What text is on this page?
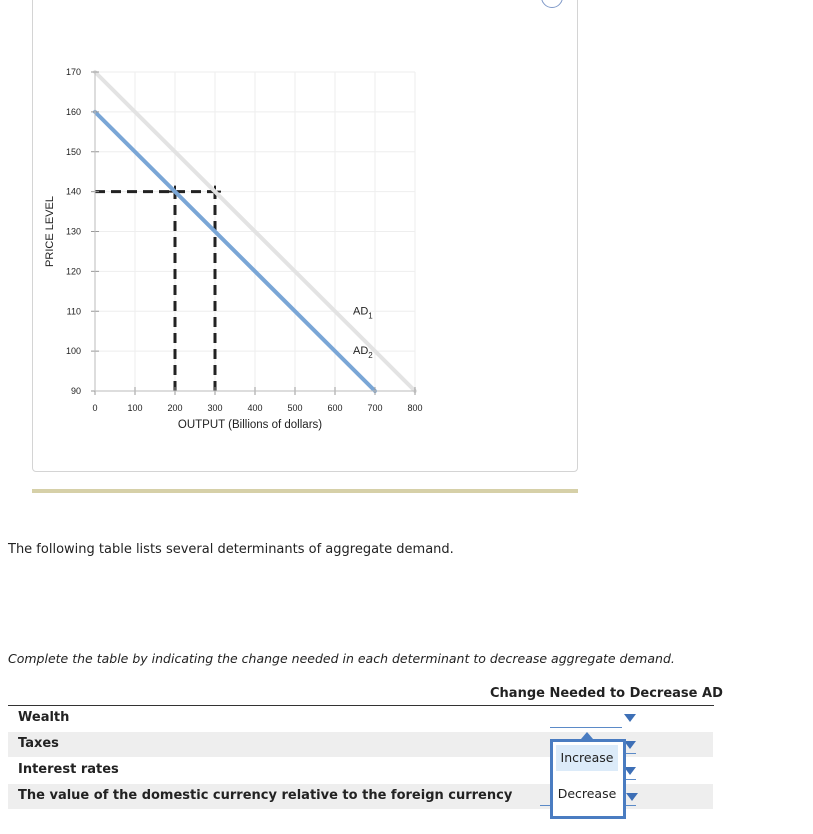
0	100	200	300	400	500	600	700	800
90
100
110
120
130
140
150
160
170
OUTPUT (Billions of dollars)
PRICE LEVEL
$AD_1$
$AD_2$
The following table lists several determinants of aggregate demand.
Complete the table by indicating the change needed in each determinant to decrease aggregate demand.
Change Needed to Decrease AD
Wealth
Taxes
Interest rates
The value of the domestic currency relative to the foreign currency
Increase
Decrease
